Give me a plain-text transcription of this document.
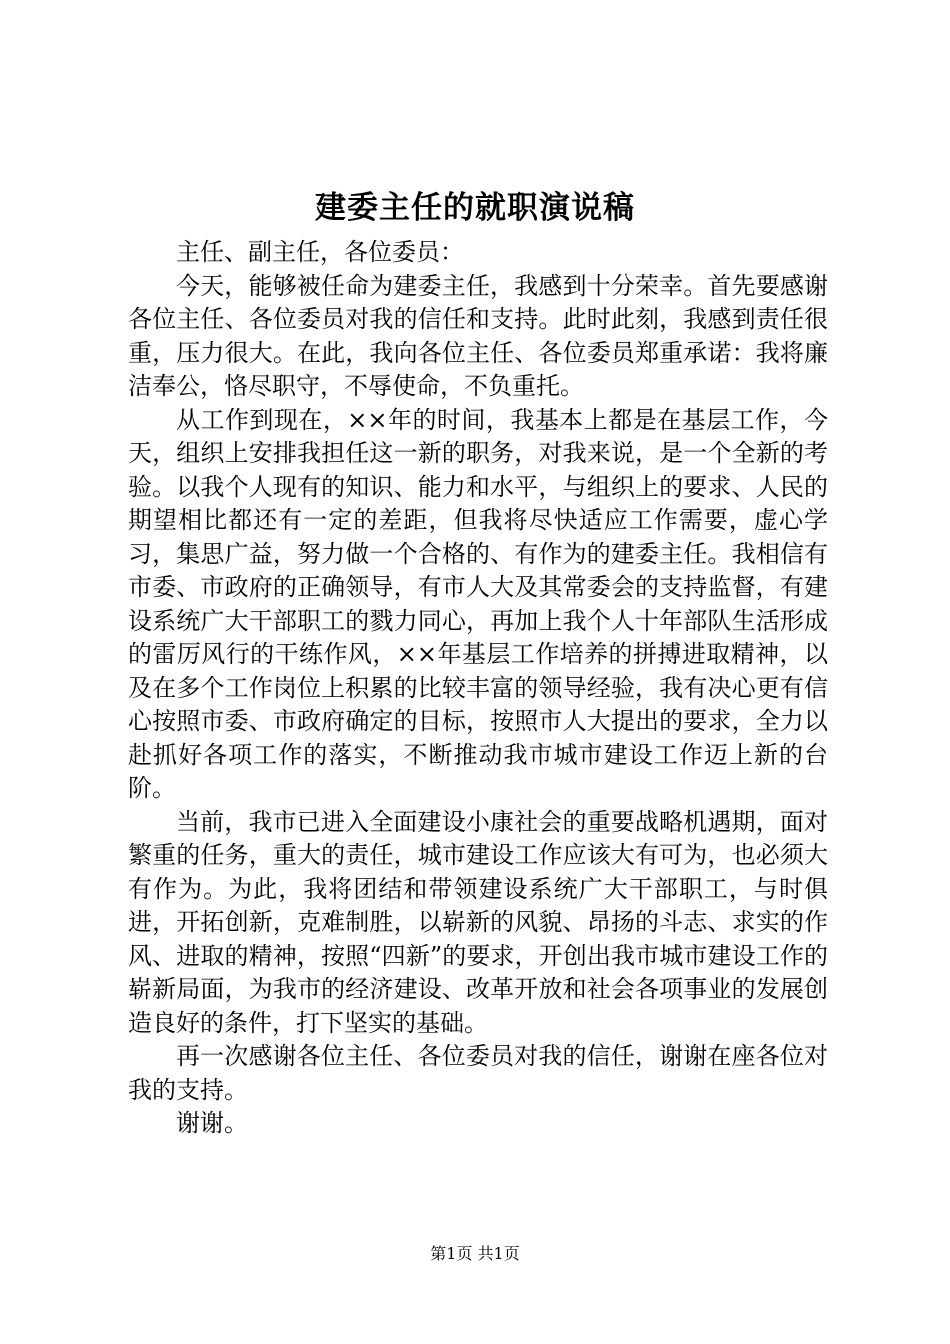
建委主任的就职演说稿

主任、副主任，各位委员：

今天，能够被任命为建委主任，我感到十分荣幸。首先要感谢各位主任、各位委员对我的信任和支持。此时此刻，我感到责任很重，压力很大。在此，我向各位主任、各位委员郑重承诺：我将廉洁奉公，恪尽职守，不辱使命，不负重托。

从工作到现在，××年的时间，我基本上都是在基层工作，今天，组织上安排我担任这一新的职务，对我来说，是一个全新的考验。以我个人现有的知识、能力和水平，与组织上的要求、人民的期望相比都还有一定的差距，但我将尽快适应工作需要，虚心学习，集思广益，努力做一个合格的、有作为的建委主任。我相信有市委、市政府的正确领导，有市人大及其常委会的支持监督，有建设系统广大干部职工的戮力同心，再加上我个人十年部队生活形成的雷厉风行的干练作风，××年基层工作培养的拼搏进取精神，以及在多个工作岗位上积累的比较丰富的领导经验，我有决心更有信心按照市委、市政府确定的目标，按照市人大提出的要求，全力以赴抓好各项工作的落实，不断推动我市城市建设工作迈上新的台阶。

当前，我市已进入全面建设小康社会的重要战略机遇期，面对繁重的任务，重大的责任，城市建设工作应该大有可为，也必须大有作为。为此，我将团结和带领建设系统广大干部职工，与时俱进，开拓创新，克难制胜，以崭新的风貌、昂扬的斗志、求实的作风、进取的精神，按照“四新”的要求，开创出我市城市建设工作的崭新局面，为我市的经济建设、改革开放和社会各项事业的发展创造良好的条件，打下坚实的基础。

再一次感谢各位主任、各位委员对我的信任，谢谢在座各位对我的支持。

谢谢。

第1页 共1页
